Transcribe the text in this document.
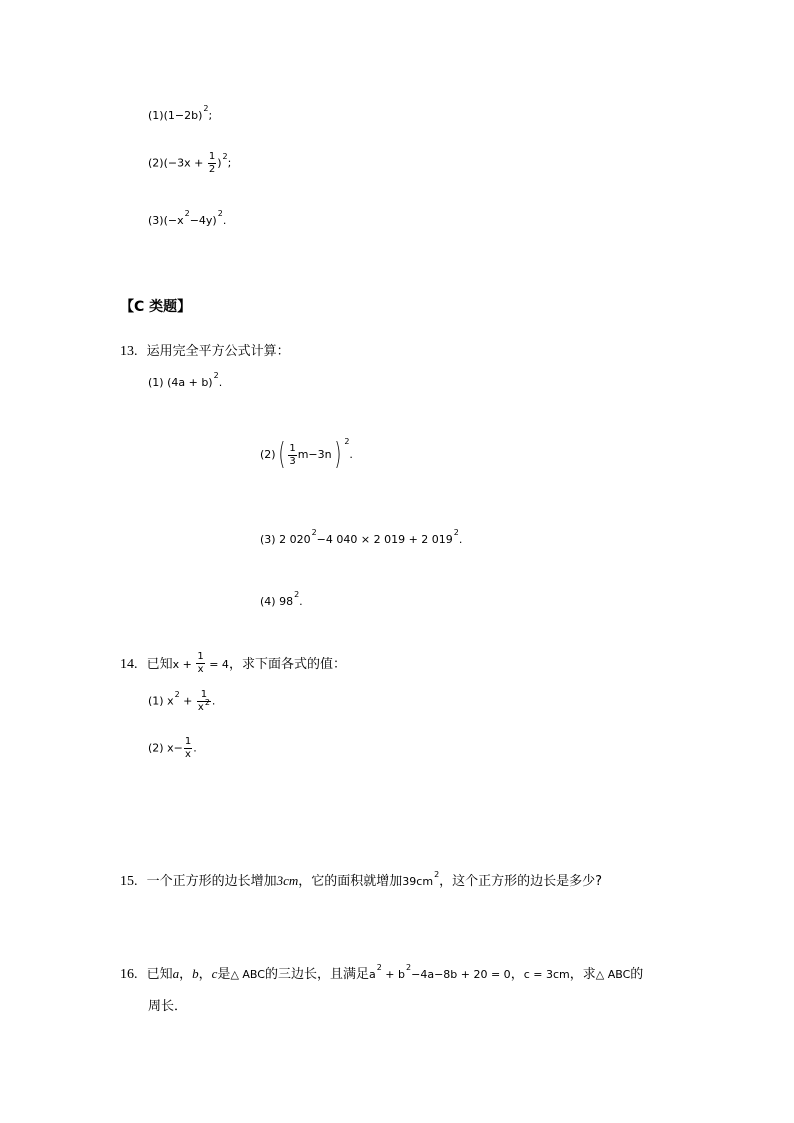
$(1)(1-2b)^2$;
$(2)(-3x + \frac{1}{2} )^2$;
$(3)(-x^2-4y)^2$.
【C 类题】
13. 运用完全平方公式计算：
(1) $(4a + b)^2$.
$(2)( \frac{1}{3} m-3n)$ $^2$.
(3) 2 $020^2-4$ 040 × 2 019 + 2 $019^2$.
(4) $98^2$.
14. 已知$x + \frac{1}{x} = 4$，求下面各式的值：
(1) $x^2 + \frac{1}{x^2}$ .
(2) $x- \frac{1}{x}$ .
15. 一个正方形的边长增加3cm，它的面积就增加$39cm^2$，这个正方形的边长是多少?
16. 已知a，b，c是△ ABC的三边长，且满足$a^2 + b^2-4a-8b + 20 = 0$，c = 3cm，求△ ABC的
周长．
